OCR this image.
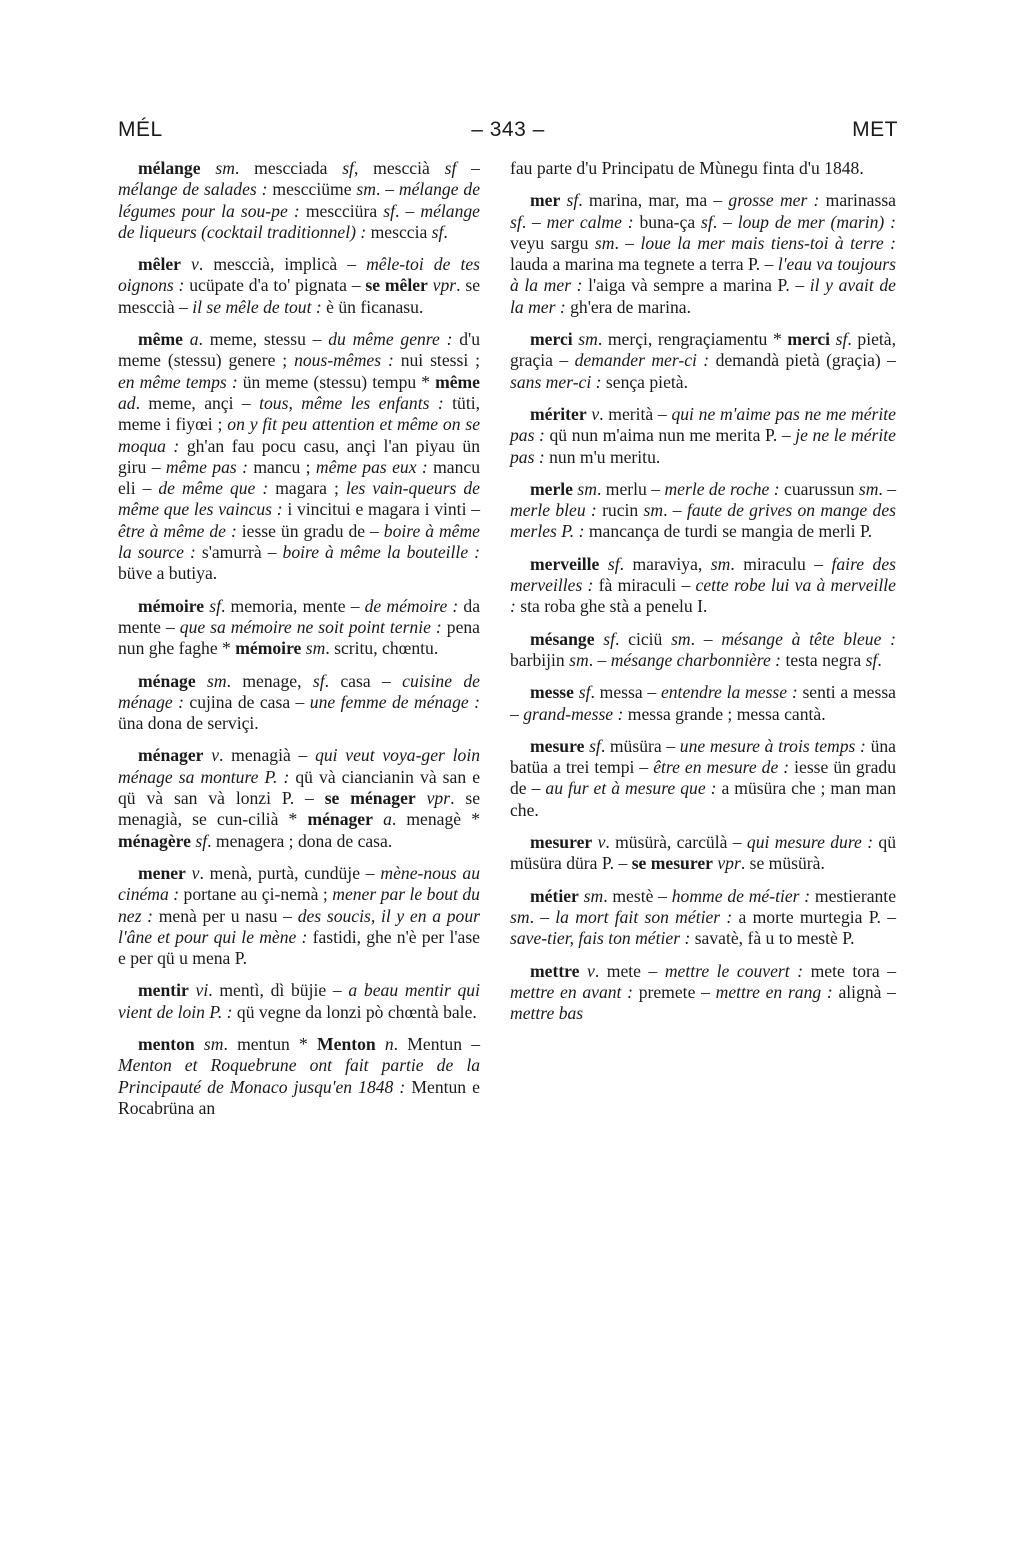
MÉL	– 343 –	MET

mélange sm. mescciada sf, mesccià sf – mélange de salades : mescciüme sm. – mélange de légumes pour la sou-pe : mescciüra sf. – mélange de liqueurs (cocktail traditionnel) : mesccia sf.

mêler v. mesccià, implicà – mêle-toi de tes oignons : ucüpate d'a to' pignata – se mêler vpr. se mesccià – il se mêle de tout : è ün ficanasu.

même a. meme, stessu – du même genre : d'u meme (stessu) genere ; nous-mêmes : nui stessi ; en même temps : ün meme (stessu) tempu * même ad. meme, ançi – tous, même les enfants : tüti, meme i fiyœi ; on y fit peu attention et même on se moqua : gh'an fau pocu casu, ançi l'an piyau ün giru – même pas : mancu ; même pas eux : mancu eli – de même que : magara ; les vain-queurs de même que les vaincus : i vincitui e magara i vinti – être à même de : iesse ün gradu de – boire à même la source : s'amurrà – boire à même la bouteille : büve a butiya.

mémoire sf. memoria, mente – de mémoire : da mente – que sa mémoire ne soit point ternie : pena nun ghe faghe * mémoire sm. scritu, chœntu.

ménage sm. menage, sf. casa – cuisine de ménage : cujina de casa – une femme de ménage : üna dona de serviçi.

ménager v. menagià – qui veut voya-ger loin ménage sa monture P. : qü và ciancianin và san e qü và san và lonzi P. – se ménager vpr. se menagià, se cun-cilià * ménager a. menagè * ménagère sf. menagera ; dona de casa.

mener v. menà, purtà, cundüje – mène-nous au cinéma : portane au çi-nemà ; mener par le bout du nez : menà per u nasu – des soucis, il y en a pour l'âne et pour qui le mène : fastidi, ghe n'è per l'ase e per qü u mena P.

mentir vi. mentì, dì büjie – a beau mentir qui vient de loin P. : qü vegne da lonzi pò chœntà bale.

menton sm. mentun * Menton n. Mentun – Menton et Roquebrune ont fait partie de la Principauté de Monaco jusqu'en 1848 : Mentun e Rocabrüna an

fau parte d'u Principatu de Mùnegu finta d'u 1848.

mer sf. marina, mar, ma – grosse mer : marinassa sf. – mer calme : buna-ça sf. – loup de mer (marin) : veyu sargu sm. – loue la mer mais tiens-toi à terre : lauda a marina ma tegnete a terra P. – l'eau va toujours à la mer : l'aiga và sempre a marina P. – il y avait de la mer : gh'era de marina.

merci sm. merçi, rengraçiamentu * merci sf. pietà, graçia – demander mer-ci : demandà pietà (graçia) – sans mer-ci : sença pietà.

mériter v. merità – qui ne m'aime pas ne me mérite pas : qü nun m'aima nun me merita P. – je ne le mérite pas : nun m'u meritu.

merle sm. merlu – merle de roche : cuarussun sm. – merle bleu : rucin sm. – faute de grives on mange des merles P. : mancança de turdi se mangia de merli P.

merveille sf. maraviya, sm. miraculu – faire des merveilles : fà miraculi – cette robe lui va à merveille : sta roba ghe stà a penelu I.

mésange sf. ciciü sm. – mésange à tête bleue : barbijin sm. – mésange charbonnière : testa negra sf.

messe sf. messa – entendre la messe : senti a messa – grand-messe : messa grande ; messa cantà.

mesure sf. müsüra – une mesure à trois temps : üna batüa a trei tempi – être en mesure de : iesse ün gradu de – au fur et à mesure que : a müsüra che ; man man che.

mesurer v. müsürà, carcülà – qui mesure dure : qü müsüra düra P. – se mesurer vpr. se müsürà.

métier sm. mestè – homme de mé-tier : mestierante sm. – la mort fait son métier : a morte murtegia P. – save-tier, fais ton métier : savatè, fà u to mestè P.

mettre v. mete – mettre le couvert : mete tora – mettre en avant : premete – mettre en rang : alignà – mettre bas
